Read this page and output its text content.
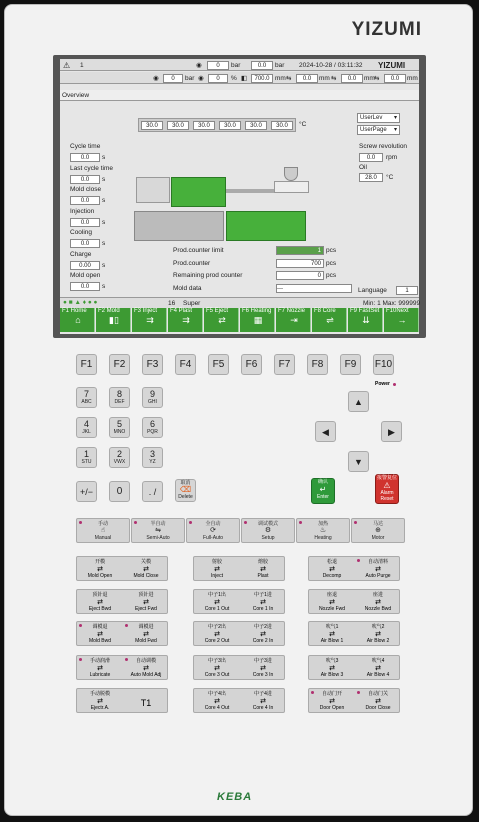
YIZUMI
⚠ 1	◉	0	bar	0.0	bar 2024-10-28 / 03:11:32 YIZUMI
◉	0	bar ◉	0	% ◧	700.0 mm ⇆	0.0	mm ⇆	0.0	mm ⇆	0.0	mm
Overview
30.0	30.0	30.0	30.0	30.0	30.0	°C
UserLev ▾
UserPage ▾
Screw revolution
0.0	rpm
Oil
28.0	°C
Language	1
● ■ ▲ ♦ ● ●	16 Super	Min: 1 Max: 999999
Cycle time
0.0	s
Last cycle time
0.0	s
Mold close
0.0	s
Injection
0.0	s
Cooling
0.0	s
Charge
0.00	s
Mold open
0.0	s
Prod.counter limit	1 pcs
Prod.counter	700 pcs
Remaining prod counter	0 pcs
Mold data	---
F1 Home
⌂
F2 Mold
▮▯
F3 Inject
⇉
F4 Plast
⇉
F5 Eject
⇄
F6 Heating
▦
F7 Nozzle
⇥
F8 Core
⇌
F9 FastSet
⇊
F10Next
→
F1	F2	F3	F4	F5	F6	F7	F8	F9	F10
Power
7
ABC
8
DEF
9
GHI
4
JKL
5
MNO
6
PQR
1
STU
2
VWX
3
YZ
+/−	0	. /
取消
⌫
Delete
▲
◀	▶
▼
确认
↵
Enter
报警复位
⚠
Alarm Reset
手动
☝
Manual
半自动
⇋
Semi-Auto
全自动
⟳
Full-Auto
调试模式
⚙
Setup
加热
♨
Heating
马达
⊕
Motor
开模
⇄
Mold Open
关模
⇄
Mold Close
射胶
⇄
Inject
熔胶
⇄
Plast
松退
⇄
Decomp
自动清料
⇄
Auto Purge
顶针退
⇄
Eject Bwd
顶针进
⇄
Eject Fwd
中子1出
⇄
Core 1 Out
中子1进
⇄
Core 1 In
座退
⇄
Nozzle Fwd
座进
⇄
Nozzle Bwd
调模退
⇄
Mold Bwd
调模进
⇄
Mold Fwd
中子2出
⇄
Core 2 Out
中子2进
⇄
Core 2 In
吹气1
⇄
Air Blow 1
吹气2
⇄
Air Blow 2
手动润滑
⇄
Lubricate
自动调模
⇄
Auto Mold Adj
中子3出
⇄
Core 3 Out
中子3进
⇄
Core 3 In
吹气3
⇄
Air Blow 3
吹气4
⇄
Air Blow 4
手动脱模
⇄
Ejectr.A.	T1
中子4出
⇄
Core 4 Out
中子4进
⇄
Core 4 In
自动门开
⇄
Door Open
自动门关
⇄
Door Close
KEBA
